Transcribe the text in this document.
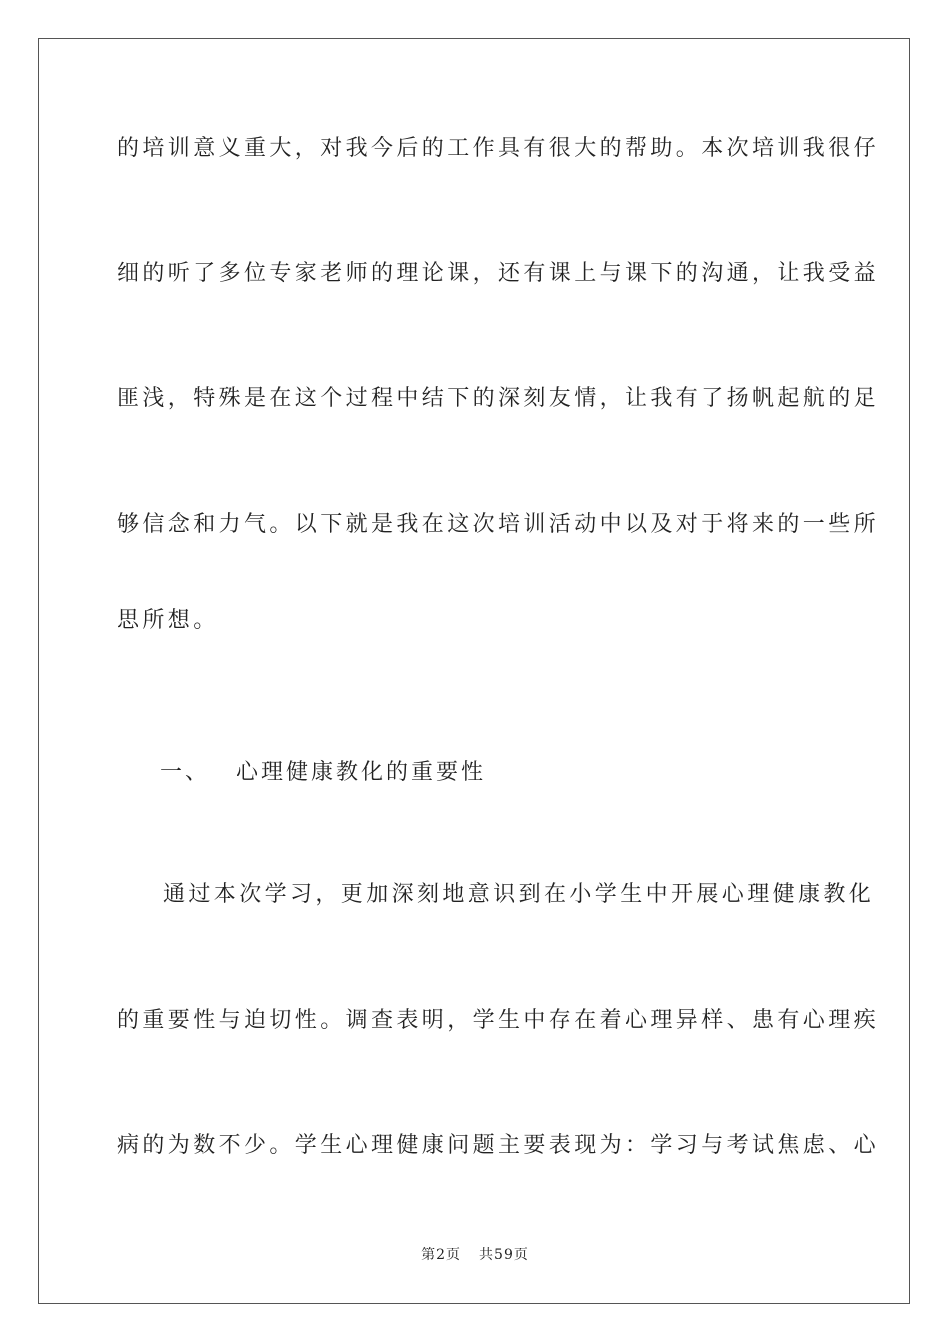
的培训意义重大，对我今后的工作具有很大的帮助。本次培训我很仔
细的听了多位专家老师的理论课，还有课上与课下的沟通，让我受益
匪浅，特殊是在这个过程中结下的深刻友情，让我有了扬帆起航的足
够信念和力气。以下就是我在这次培训活动中以及对于将来的一些所
思所想。
一、 心理健康教化的重要性
通过本次学习，更加深刻地意识到在小学生中开展心理健康教化
的重要性与迫切性。调查表明，学生中存在着心理异样、患有心理疾
病的为数不少。学生心理健康问题主要表现为：学习与考试焦虑、心
第2页 共59页
